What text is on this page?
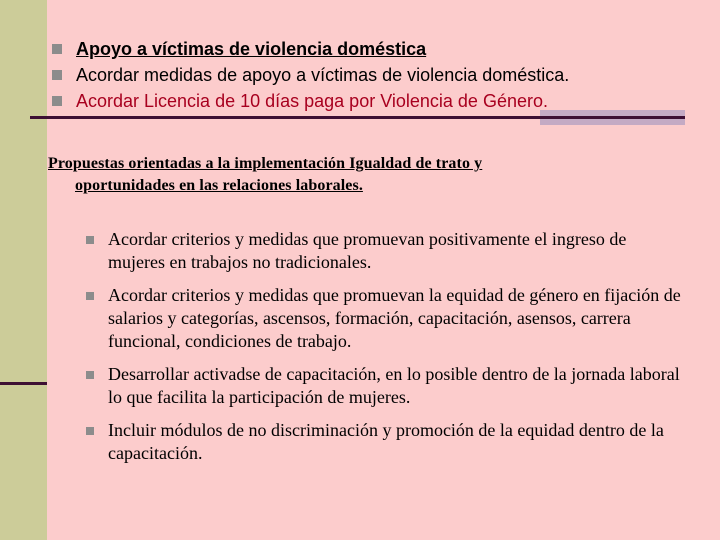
Apoyo a víctimas de violencia doméstica
Acordar medidas de apoyo a víctimas de violencia doméstica.
Acordar Licencia de 10 días paga por Violencia de Género.
Propuestas orientadas a la implementación Igualdad de trato y
oportunidades en las relaciones laborales.
Acordar criterios y medidas que promuevan positivamente el ingreso de mujeres en trabajos no tradicionales.
Acordar criterios y medidas que promuevan la equidad de género en fijación de salarios y categorías, ascensos, formación, capacitación, asensos, carrera funcional, condiciones de trabajo.
Desarrollar activadse de capacitación, en lo posible dentro de la jornada laboral lo que facilita la participación de mujeres.
Incluir módulos de no discriminación y promoción de la equidad dentro de la capacitación.
